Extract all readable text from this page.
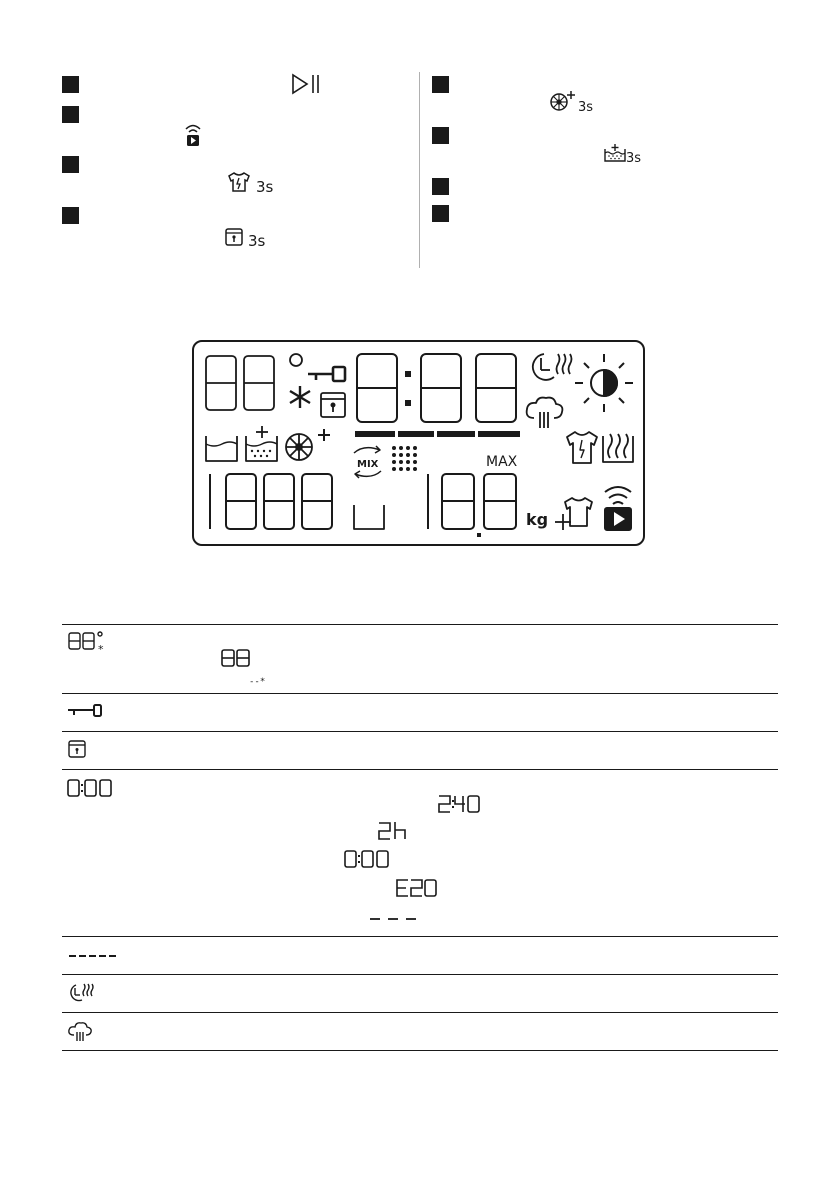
3s
3s
3s
3s
MIX	MAX
kg
*
--*
